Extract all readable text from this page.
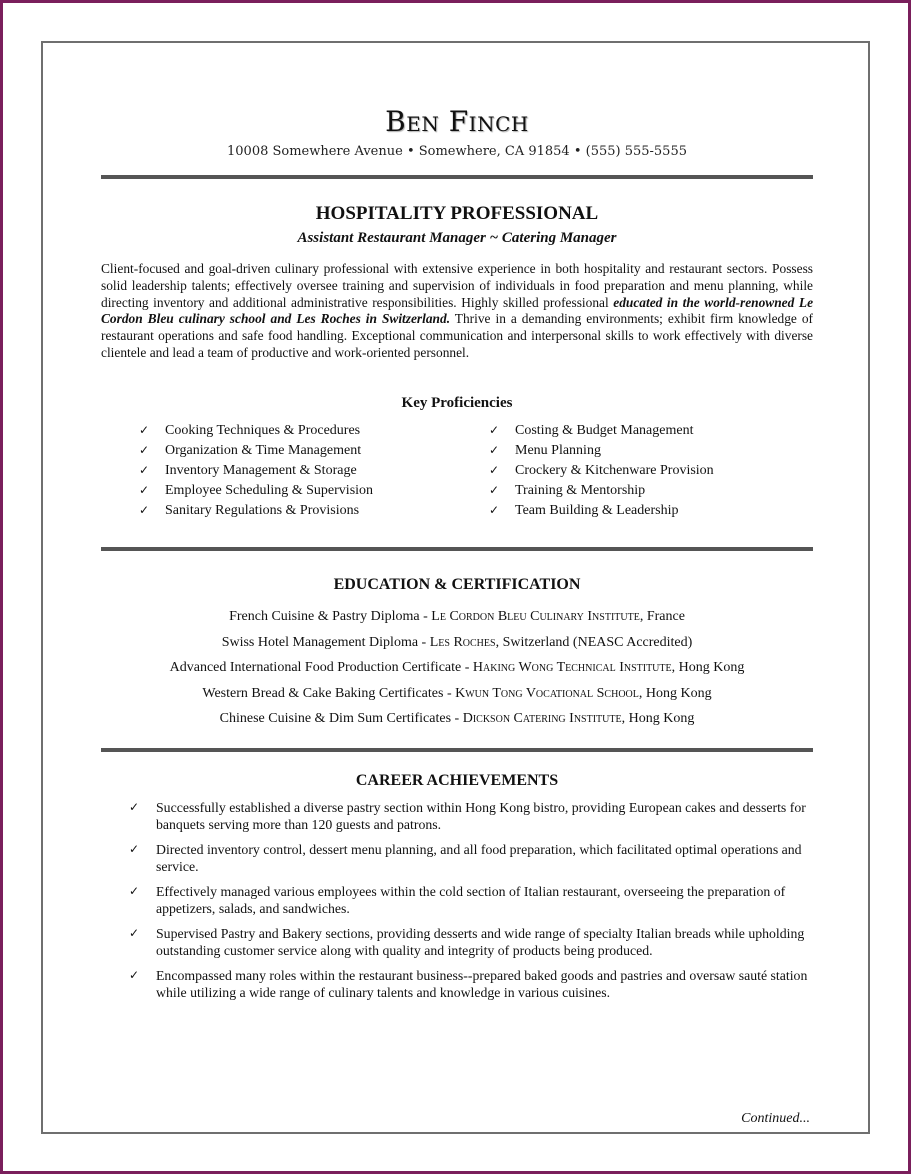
Ben Finch
10008 Somewhere Avenue • Somewhere, CA 91854 • (555) 555-5555
HOSPITALITY PROFESSIONAL
Assistant Restaurant Manager ~ Catering Manager
Client-focused and goal-driven culinary professional with extensive experience in both hospitality and restaurant sectors. Possess solid leadership talents; effectively oversee training and supervision of individuals in food preparation and menu planning, while directing inventory and additional administrative responsibilities. Highly skilled professional educated in the world-renowned Le Cordon Bleu culinary school and Les Roches in Switzerland. Thrive in a demanding environments; exhibit firm knowledge of restaurant operations and safe food handling. Exceptional communication and interpersonal skills to work effectively with diverse clientele and lead a team of productive and work-oriented personnel.
Key Proficiencies
✓ Cooking Techniques & Procedures
✓ Organization & Time Management
✓ Inventory Management & Storage
✓ Employee Scheduling & Supervision
✓ Sanitary Regulations & Provisions
✓ Costing & Budget Management
✓ Menu Planning
✓ Crockery & Kitchenware Provision
✓ Training & Mentorship
✓ Team Building & Leadership
EDUCATION & CERTIFICATION
French Cuisine & Pastry Diploma - Le Cordon Bleu Culinary Institute, France
Swiss Hotel Management Diploma - Les Roches, Switzerland (NEASC Accredited)
Advanced International Food Production Certificate - Haking Wong Technical Institute, Hong Kong
Western Bread & Cake Baking Certificates - Kwun Tong Vocational School, Hong Kong
Chinese Cuisine & Dim Sum Certificates - Dickson Catering Institute, Hong Kong
CAREER ACHIEVEMENTS
✓	Successfully established a diverse pastry section within Hong Kong bistro, providing European cakes and desserts for banquets serving more than 120 guests and patrons.
✓	Directed inventory control, dessert menu planning, and all food preparation, which facilitated optimal operations and service.
✓	Effectively managed various employees within the cold section of Italian restaurant, overseeing the preparation of appetizers, salads, and sandwiches.
✓	Supervised Pastry and Bakery sections, providing desserts and wide range of specialty Italian breads while upholding outstanding customer service along with quality and integrity of products being produced.
✓	Encompassed many roles within the restaurant business--prepared baked goods and pastries and oversaw sauté station while utilizing a wide range of culinary talents and knowledge in various cuisines.
Continued...
